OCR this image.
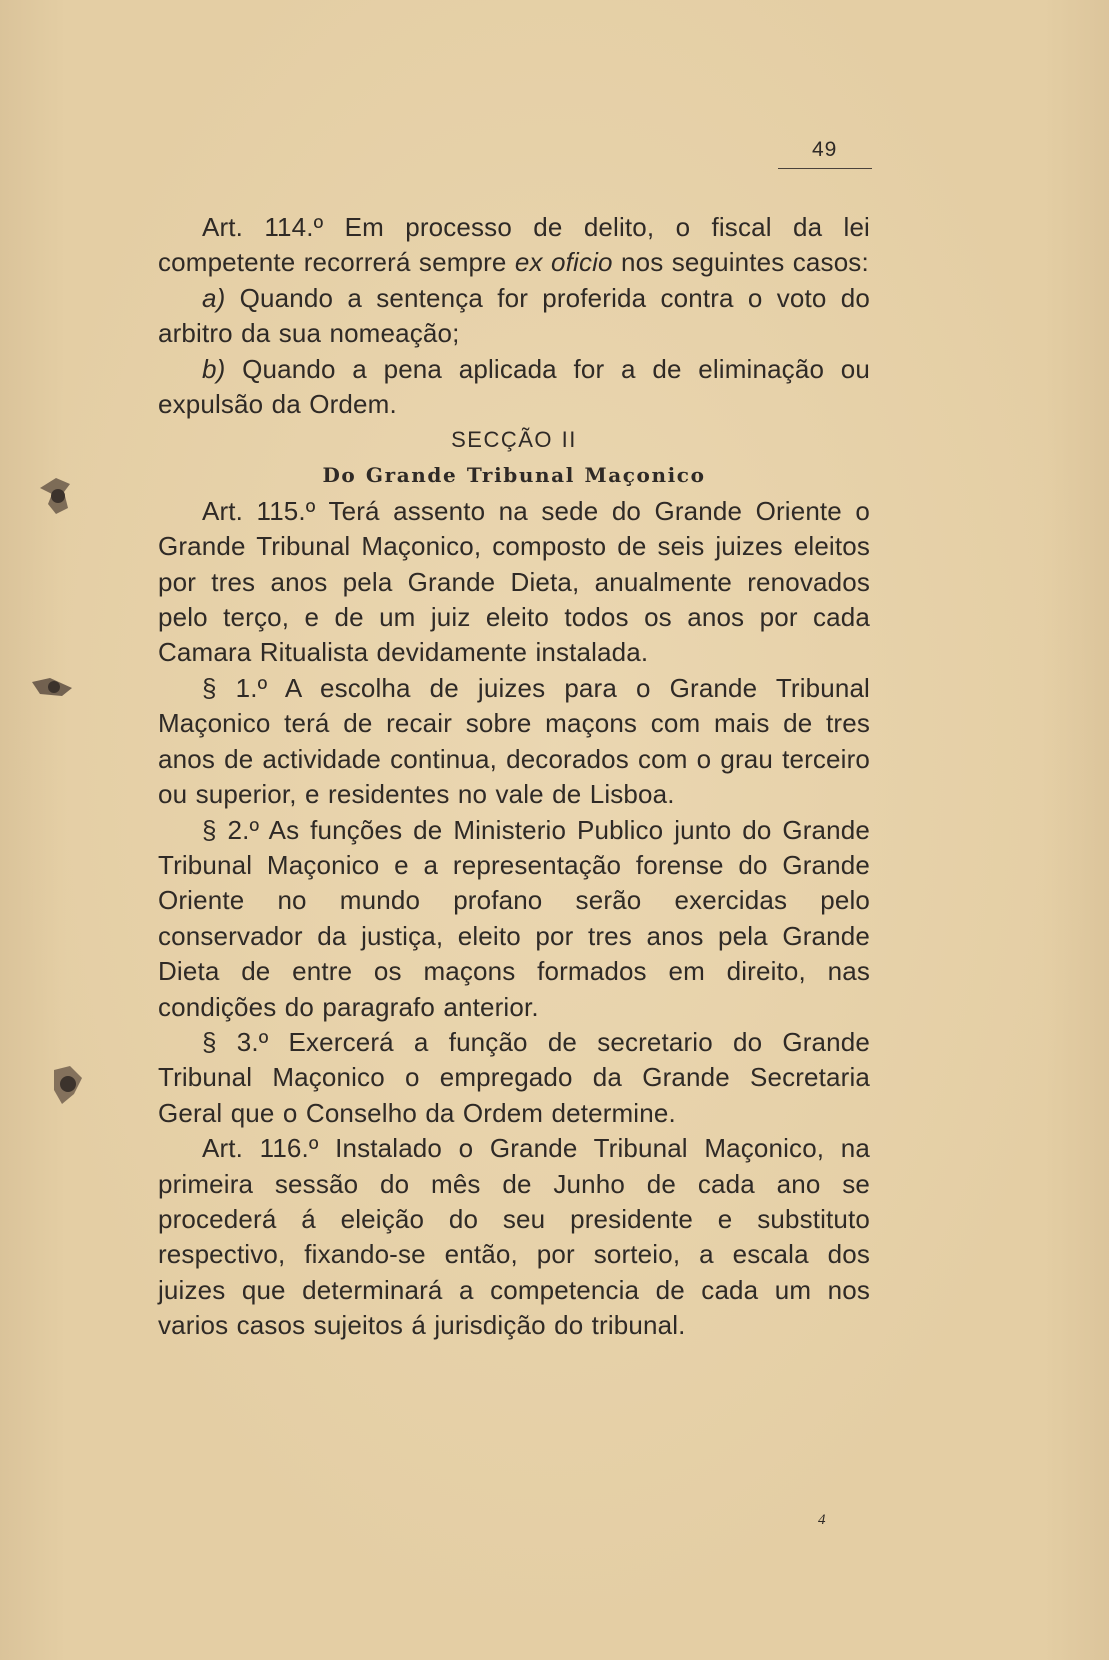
49

Art. 114.º Em processo de delito, o fiscal da lei competente recorrerá sempre ex oficio nos seguintes casos:

a) Quando a sentença for proferida contra o voto do arbitro da sua nomeação;

b) Quando a pena aplicada for a de eliminação ou expulsão da Ordem.

SECÇÃO II

Do Grande Tribunal Maçonico

Art. 115.º Terá assento na sede do Grande Oriente o Grande Tribunal Maçonico, composto de seis juizes eleitos por tres anos pela Grande Dieta, anualmente renovados pelo terço, e de um juiz eleito todos os anos por cada Camara Ritualista devidamente instalada.

§ 1.º A escolha de juizes para o Grande Tribunal Maçonico terá de recair sobre maçons com mais de tres anos de actividade continua, decorados com o grau terceiro ou superior, e residentes no vale de Lisboa.

§ 2.º As funções de Ministerio Publico junto do Grande Tribunal Maçonico e a representação forense do Grande Oriente no mundo profano serão exercidas pelo conservador da justiça, eleito por tres anos pela Grande Dieta de entre os maçons formados em direito, nas condições do paragrafo anterior.

§ 3.º Exercerá a função de secretario do Grande Tribunal Maçonico o empregado da Grande Secretaria Geral que o Conselho da Ordem determine.

Art. 116.º Instalado o Grande Tribunal Maçonico, na primeira sessão do mês de Junho de cada ano se procederá á eleição do seu presidente e substituto respectivo, fixando-se então, por sorteio, a escala dos juizes que determinará a competencia de cada um nos varios casos sujeitos á jurisdição do tribunal.

4
